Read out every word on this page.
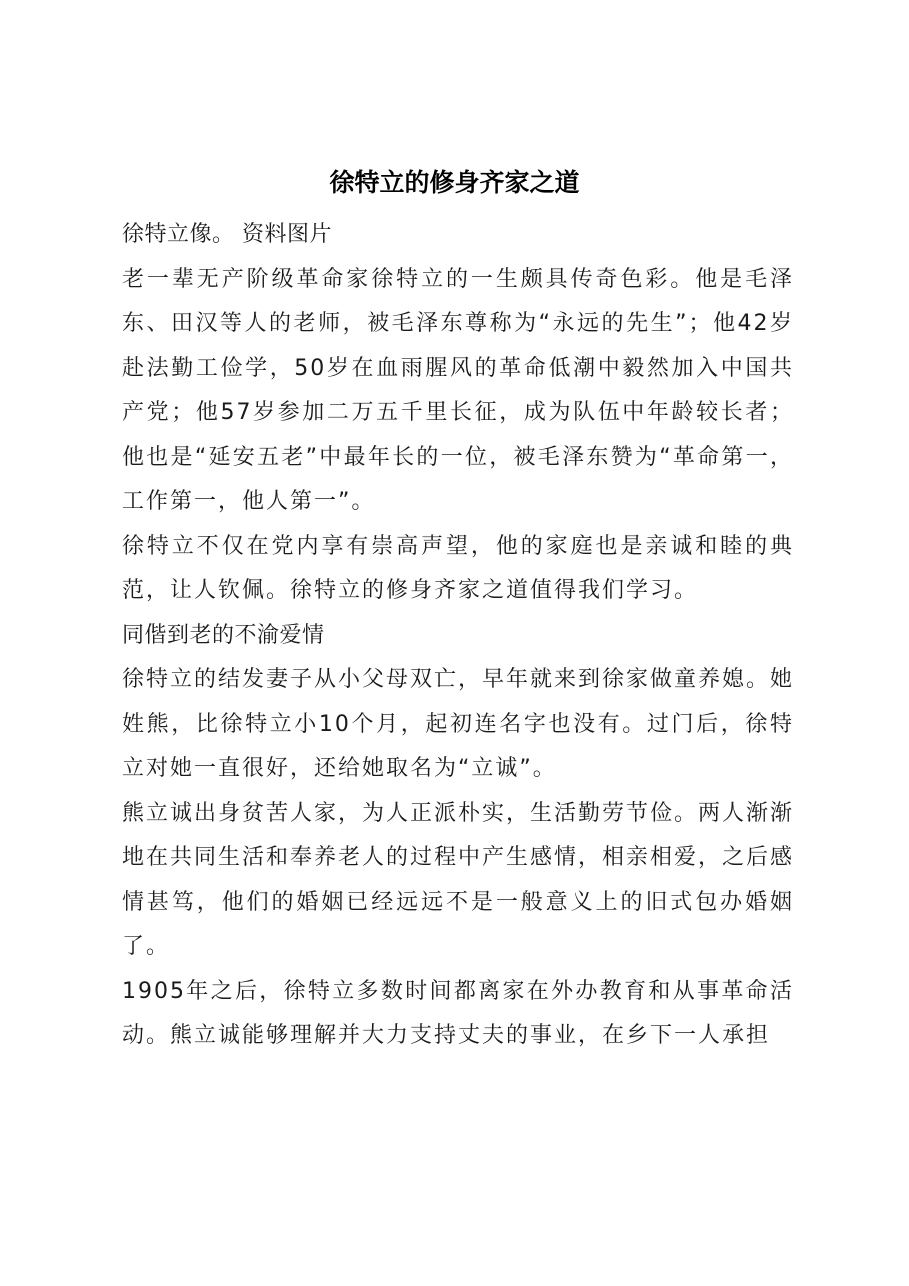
徐特立的修身齐家之道

徐特立像。 资料图片

老一辈无产阶级革命家徐特立的一生颇具传奇色彩。他是毛泽东、田汉等人的老师，被毛泽东尊称为“永远的先生”；他42岁赴法勤工俭学，50岁在血雨腥风的革命低潮中毅然加入中国共产党；他57岁参加二万五千里长征，成为队伍中年龄较长者；他也是“延安五老”中最年长的一位，被毛泽东赞为“革命第一，工作第一，他人第一”。

徐特立不仅在党内享有崇高声望，他的家庭也是亲诚和睦的典范，让人钦佩。徐特立的修身齐家之道值得我们学习。

同偕到老的不渝爱情

徐特立的结发妻子从小父母双亡，早年就来到徐家做童养媳。她姓熊，比徐特立小10个月，起初连名字也没有。过门后，徐特立对她一直很好，还给她取名为“立诚”。

熊立诚出身贫苦人家，为人正派朴实，生活勤劳节俭。两人渐渐地在共同生活和奉养老人的过程中产生感情，相亲相爱，之后感情甚笃，他们的婚姻已经远远不是一般意义上的旧式包办婚姻了。

1905年之后，徐特立多数时间都离家在外办教育和从事革命活动。熊立诚能够理解并大力支持丈夫的事业，在乡下一人承担
